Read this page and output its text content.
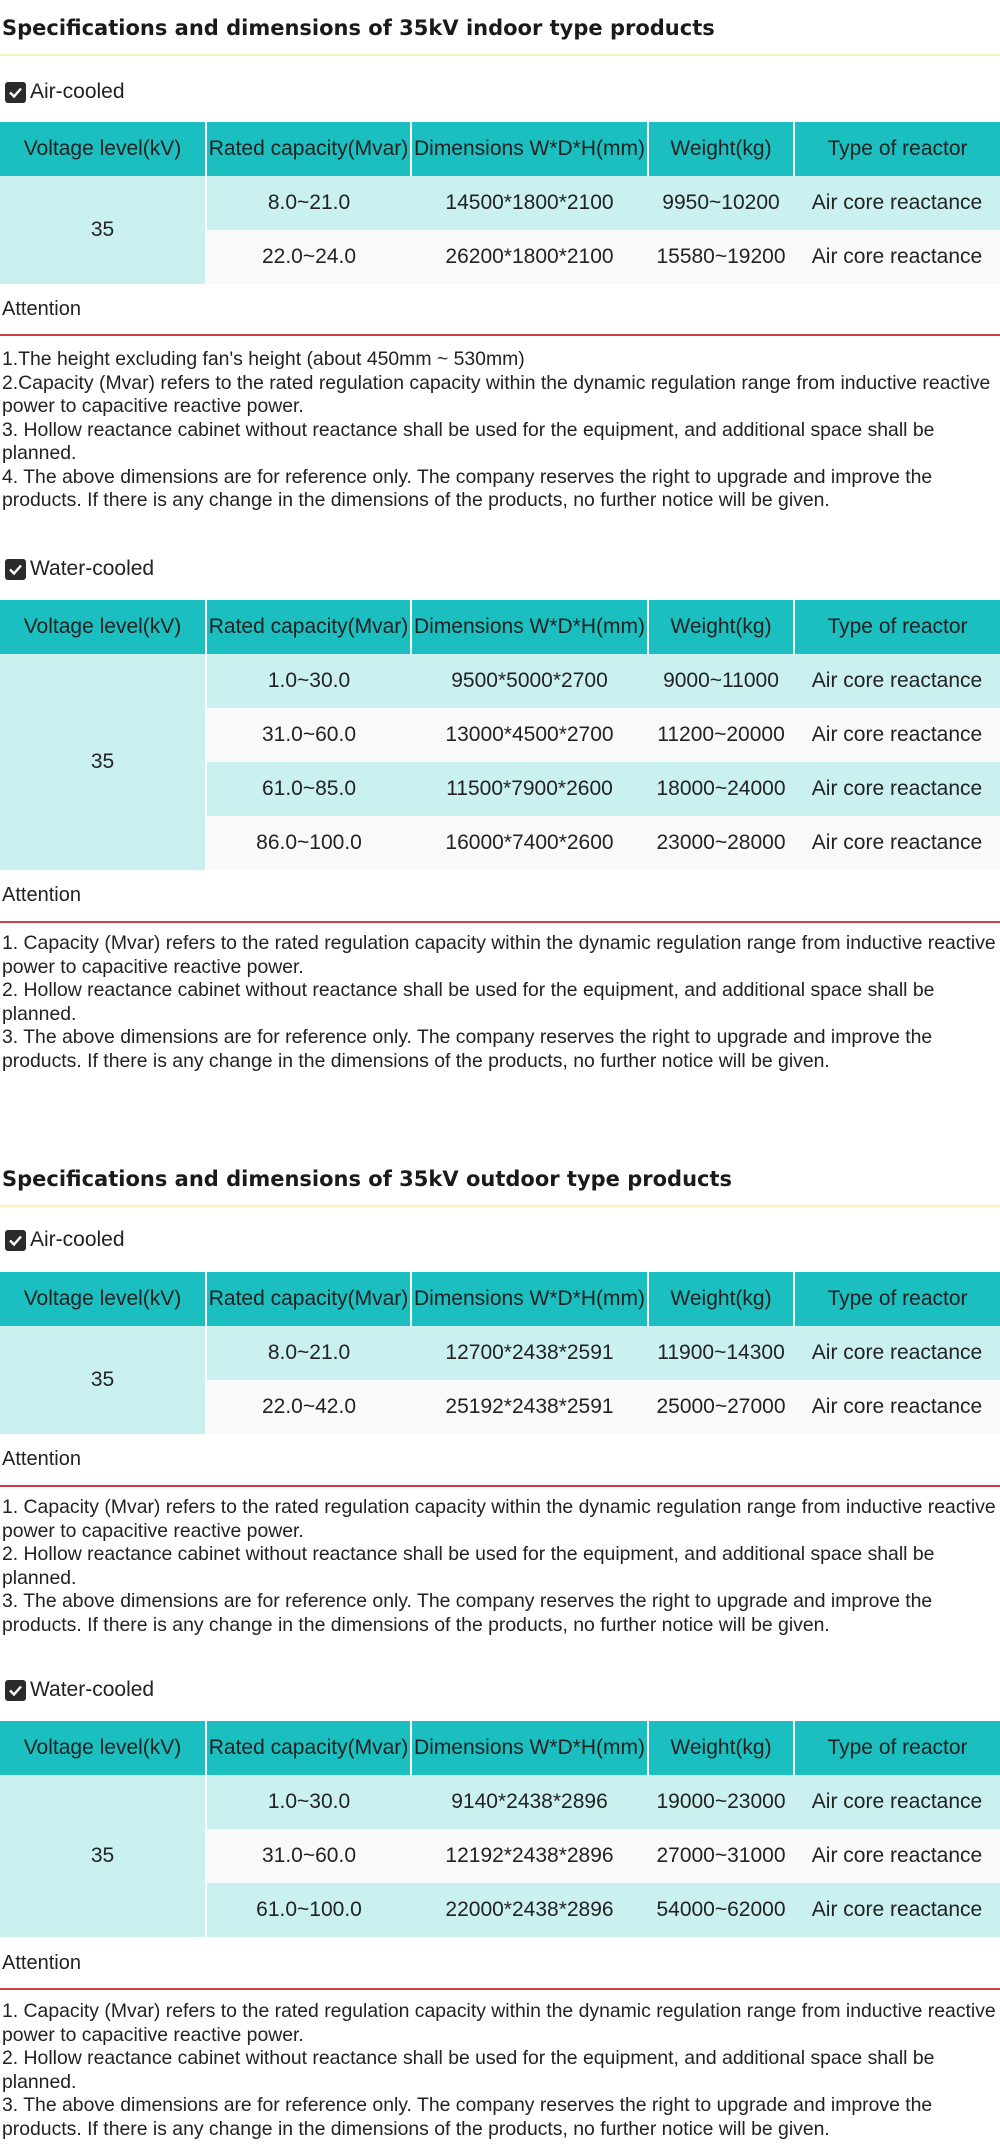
Specifications and dimensions of 35kV indoor type products
Air-cooled
Voltage level(kV)	Rated capacity(Mvar)	Dimensions W*D*H(mm)	Weight(kg)	Type of reactor
35	8.0~21.0	14500*1800*2100	9950~10200	Air core reactance
	22.0~24.0	26200*1800*2100	15580~19200	Air core reactance
Attention

1.The height excluding fan's height (about 450mm ~ 530mm)

2.Capacity (Mvar) refers to the rated regulation capacity within the dynamic regulation range from inductive reactive power to capacitive reactive power.

3. Hollow reactance cabinet without reactance shall be used for the equipment, and additional space shall be planned.

4. The above dimensions are for reference only. The company reserves the right to upgrade and improve the products. If there is any change in the dimensions of the products, no further notice will be given.

Water-cooled
Voltage level(kV)	Rated capacity(Mvar)	Dimensions W*D*H(mm)	Weight(kg)	Type of reactor
35	1.0~30.0	9500*5000*2700	9000~11000	Air core reactance
	31.0~60.0	13000*4500*2700	11200~20000	Air core reactance
	61.0~85.0	11500*7900*2600	18000~24000	Air core reactance
	86.0~100.0	16000*7400*2600	23000~28000	Air core reactance
Attention

1. Capacity (Mvar) refers to the rated regulation capacity within the dynamic regulation range from inductive reactive power to capacitive reactive power.

2. Hollow reactance cabinet without reactance shall be used for the equipment, and additional space shall be planned.

3. The above dimensions are for reference only. The company reserves the right to upgrade and improve the products. If there is any change in the dimensions of the products, no further notice will be given.

Specifications and dimensions of 35kV outdoor type products
Air-cooled
Voltage level(kV)	Rated capacity(Mvar)	Dimensions W*D*H(mm)	Weight(kg)	Type of reactor
35	8.0~21.0	12700*2438*2591	11900~14300	Air core reactance
	22.0~42.0	25192*2438*2591	25000~27000	Air core reactance
Attention

1. Capacity (Mvar) refers to the rated regulation capacity within the dynamic regulation range from inductive reactive power to capacitive reactive power.

2. Hollow reactance cabinet without reactance shall be used for the equipment, and additional space shall be planned.

3. The above dimensions are for reference only. The company reserves the right to upgrade and improve the products. If there is any change in the dimensions of the products, no further notice will be given.

Water-cooled
Voltage level(kV)	Rated capacity(Mvar)	Dimensions W*D*H(mm)	Weight(kg)	Type of reactor
35	1.0~30.0	9140*2438*2896	19000~23000	Air core reactance
	31.0~60.0	12192*2438*2896	27000~31000	Air core reactance
	61.0~100.0	22000*2438*2896	54000~62000	Air core reactance
Attention

1. Capacity (Mvar) refers to the rated regulation capacity within the dynamic regulation range from inductive reactive power to capacitive reactive power.

2. Hollow reactance cabinet without reactance shall be used for the equipment, and additional space shall be planned.

3. The above dimensions are for reference only. The company reserves the right to upgrade and improve the products. If there is any change in the dimensions of the products, no further notice will be given.
